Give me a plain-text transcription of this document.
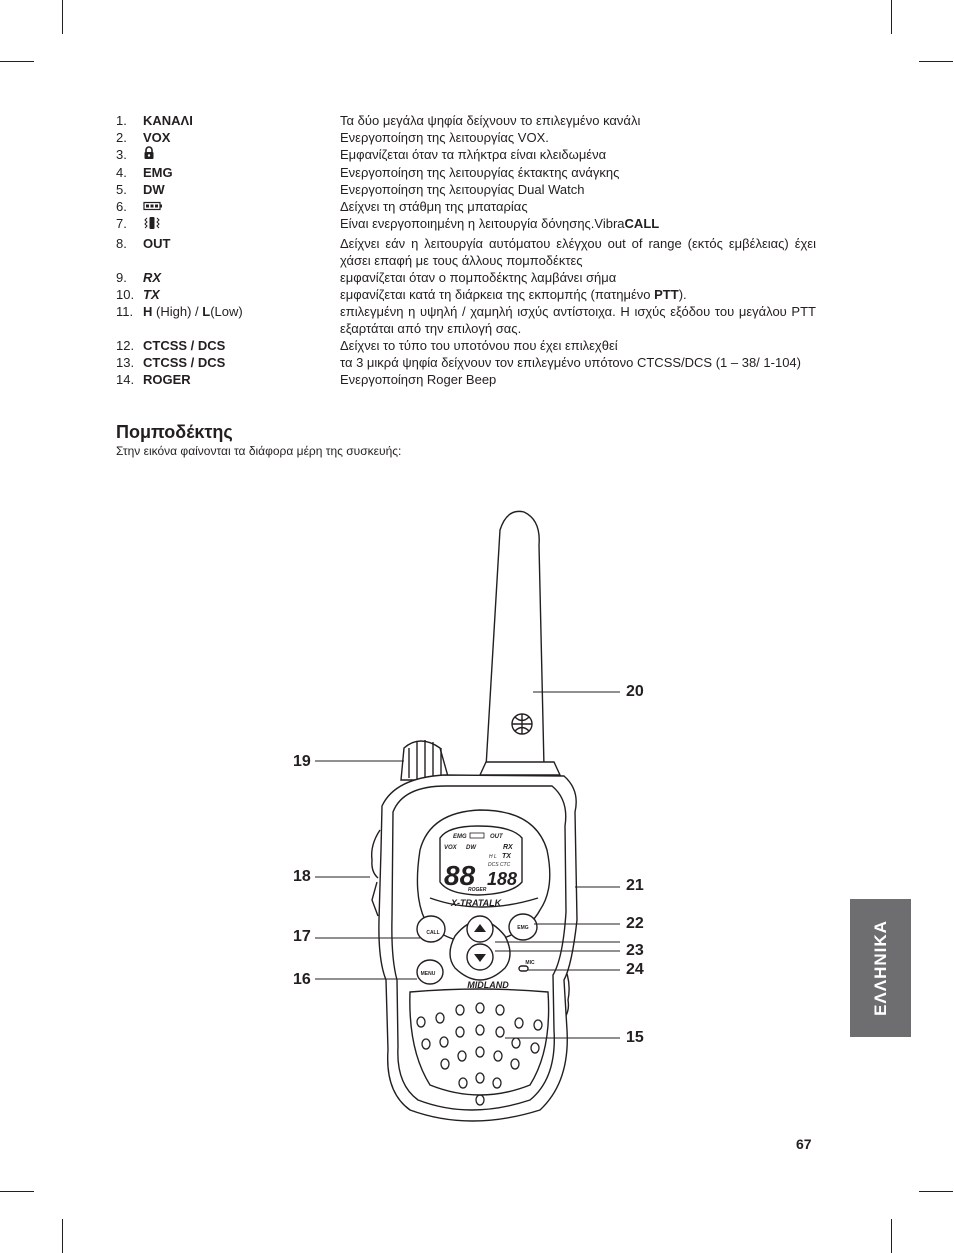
1.	ΚΑΝΑΛΙ	Τα δύο μεγάλα ψηφία δείχνουν το επιλεγμένο κανάλι
2.	VOX	Ενεργοποίηση της λειτουργίας VOX.
3.	Εμφανίζεται όταν τα πλήκτρα είναι κλειδωμένα
4.	EMG	Ενεργοποίηση της λειτουργίας έκτακτης ανάγκης
5.	DW	Ενεργοποίηση της λειτουργίας Dual Watch
6.	Δείχνει τη στάθμη της μπαταρίας
7.	Είναι ενεργοποιημένη η λειτουργία δόνησης.VibraCALL
8.	OUT	Δείχνει εάν η λειτουργία αυτόματου ελέγχου out of range (εκτός εμβέλειας) έχει χάσει επαφή με τους άλλους πομποδέκτες
9.	RX	εμφανίζεται όταν ο πομποδέκτης λαμβάνει σήμα
10. TX	εμφανίζεται κατά τη διάρκεια της εκπομπής (πατημένο PTT).
11. H (High) / L(Low)	επιλεγμένη η υψηλή / χαμηλή ισχύς αντίστοιχα. Η ισχύς εξόδου του μεγάλου PTT εξαρτάται από την επιλογή σας.
12. CTCSS / DCS	Δείχνει το τύπο του υποτόνου που έχει επιλεχθεί
13. CTCSS / DCS	τα 3 μικρά ψηφία δείχνουν τον επιλεγμένο υπότονο CTCSS/DCS (1 – 38/ 1-104)
14. ROGER	Ενεργοποίηση Roger Beep
Πομποδέκτης

Στην εικόνα φαίνονται τα διάφορα μέρη της συσκευής:

EMG	OUT
VOX DW	RX
H L TX
DCS CTC
88 188
ROGER
X-TRATALK
CALL
EMG
MENU
MIC
MIDLAND
15
16
17
18
19
20
21
22
23
24	ΕΛΛΗΝΙΚΑ
67
